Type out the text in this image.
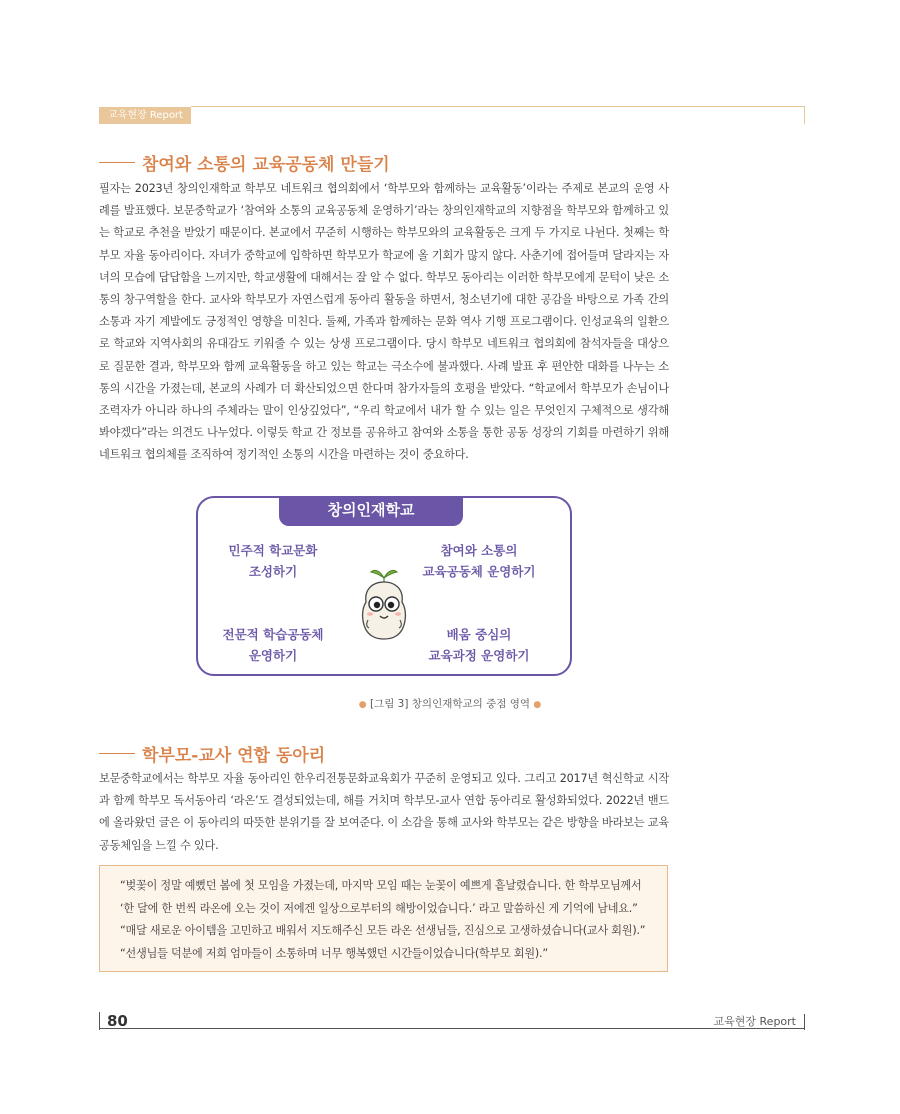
교육현장 Report
참여와 소통의 교육공동체 만들기

필자는 2023년 창의인재학교 학부모 네트워크 협의회에서 ‘학부모와 함께하는 교육활동’이라는 주제로 본교의 운영 사례를 발표했다. 보문중학교가 ‘참여와 소통의 교육공동체 운영하기’라는 창의인재학교의 지향점을 학부모와 함께하고 있는 학교로 추천을 받았기 때문이다. 본교에서 꾸준히 시행하는 학부모와의 교육활동은 크게 두 가지로 나뉜다. 첫째는 학부모 자율 동아리이다. 자녀가 중학교에 입학하면 학부모가 학교에 올 기회가 많지 않다. 사춘기에 접어들며 달라지는 자녀의 모습에 답답함을 느끼지만, 학교생활에 대해서는 잘 알 수 없다. 학부모 동아리는 이러한 학부모에게 문턱이 낮은 소통의 창구역할을 한다. 교사와 학부모가 자연스럽게 동아리 활동을 하면서, 청소년기에 대한 공감을 바탕으로 가족 간의 소통과 자기 계발에도 긍정적인 영향을 미친다. 둘째, 가족과 함께하는 문화 역사 기행 프로그램이다. 인성교육의 일환으로 학교와 지역사회의 유대감도 키워줄 수 있는 상생 프로그램이다. 당시 학부모 네트워크 협의회에 참석자들을 대상으로 질문한 결과, 학부모와 함께 교육활동을 하고 있는 학교는 극소수에 불과했다. 사례 발표 후 편안한 대화를 나누는 소통의 시간을 가졌는데, 본교의 사례가 더 확산되었으면 한다며 참가자들의 호평을 받았다. “학교에서 학부모가 손님이나 조력자가 아니라 하나의 주체라는 말이 인상깊었다”, “우리 학교에서 내가 할 수 있는 일은 무엇인지 구체적으로 생각해봐야겠다”라는 의견도 나누었다. 이렇듯 학교 간 정보를 공유하고 참여와 소통을 통한 공동 성장의 기회를 마련하기 위해 네트워크 협의체를 조직하여 정기적인 소통의 시간을 마련하는 것이 중요하다.

창의인재학교
민주적 학교문화
조성하기
참여와 소통의
교육공동체 운영하기
전문적 학습공동체
운영하기
배움 중심의
교육과정 운영하기
● [그림 3] 창의인재학교의 중점 영역 ●
학부모-교사 연합 동아리

보문중학교에서는 학부모 자율 동아리인 한우리전통문화교육회가 꾸준히 운영되고 있다. 그리고 2017년 혁신학교 시작과 함께 학부모 독서동아리 ‘라온’도 결성되었는데, 해를 거치며 학부모-교사 연합 동아리로 활성화되었다. 2022년 밴드에 올라왔던 글은 이 동아리의 따뜻한 분위기를 잘 보여준다. 이 소감을 통해 교사와 학부모는 같은 방향을 바라보는 교육공동체임을 느낄 수 있다.

“벚꽃이 정말 예뻤던 봄에 첫 모임을 가졌는데, 마지막 모임 때는 눈꽃이 예쁘게 흩날렸습니다. 한 학부모님께서
‘한 달에 한 번씩 라온에 오는 것이 저에겐 일상으로부터의 해방이었습니다.’ 라고 말씀하신 게 기억에 남네요.”
“매달 새로운 아이템을 고민하고 배워서 지도해주신 모든 라온 선생님들, 진심으로 고생하셨습니다(교사 회원).”
“선생님들 덕분에 저희 엄마들이 소통하며 너무 행복했던 시간들이었습니다(학부모 회원).”
80	교육현장 Report
